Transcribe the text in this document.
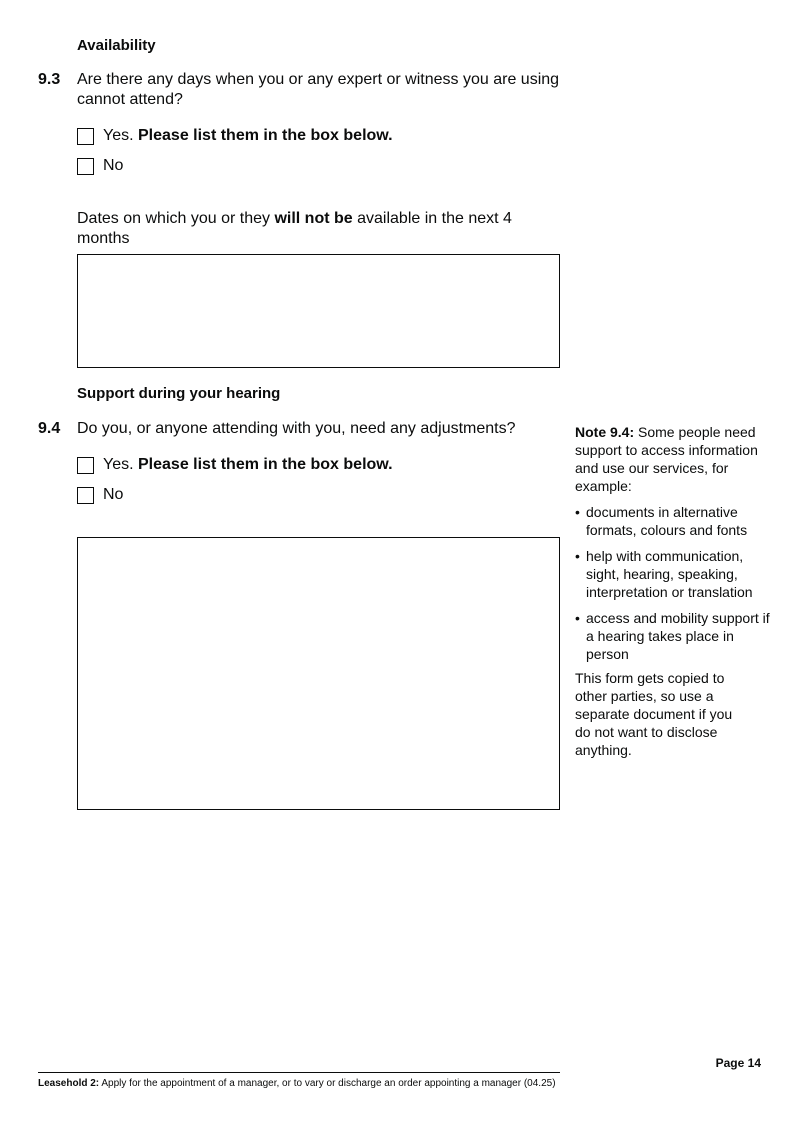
Availability
9.3 Are there any days when you or any expert or witness you are using
cannot attend?
Yes. Please list them in the box below.
No
Dates on which you or they will not be available in the next 4
months
Support during your hearing
9.4 Do you, or anyone attending with you, need any adjustments?
Yes. Please list them in the box below.
No
Note 9.4: Some people need support to access information and use our services, for example:
• documents in alternative formats, colours and fonts
• help with communication, sight, hearing, speaking, interpretation or translation
• access and mobility support if a hearing takes place in person
This form gets copied to other parties, so use a separate document if you do not want to disclose anything.
Page 14
Leasehold 2: Apply for the appointment of a manager, or to vary or discharge an order appointing a manager (04.25)
